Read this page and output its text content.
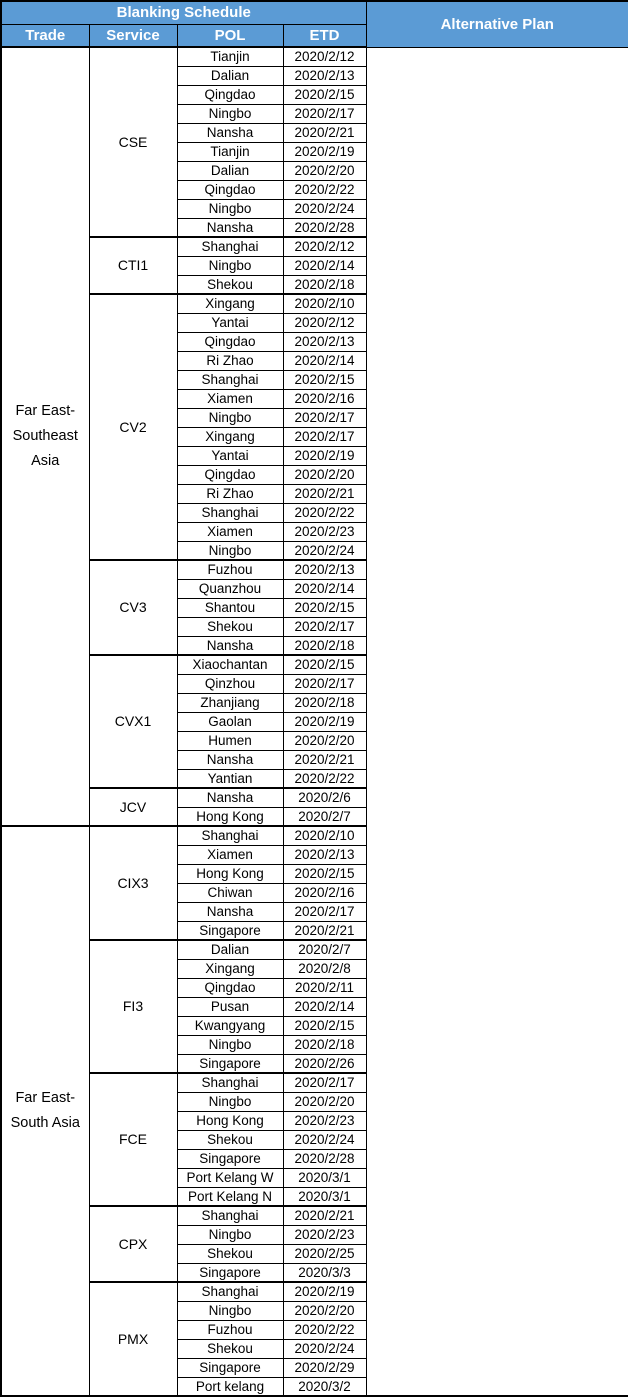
Blanking Schedule				Alternative Plan
Trade	Service	POL	ETD	
Far East-Southeast Asia	CSE	Tianjin	2020/2/12	
		Dalian	2020/2/13	
		Qingdao	2020/2/15	
		Ningbo	2020/2/17	
		Nansha	2020/2/21	
		Tianjin	2020/2/19	
		Dalian	2020/2/20	
		Qingdao	2020/2/22	
		Ningbo	2020/2/24	
		Nansha	2020/2/28	
	CTI1	Shanghai	2020/2/12	
		Ningbo	2020/2/14	
		Shekou	2020/2/18	
	CV2	Xingang	2020/2/10	
		Yantai	2020/2/12	
		Qingdao	2020/2/13	
		Ri Zhao	2020/2/14	
		Shanghai	2020/2/15	
		Xiamen	2020/2/16	
		Ningbo	2020/2/17	
		Xingang	2020/2/17	
		Yantai	2020/2/19	
		Qingdao	2020/2/20	
		Ri Zhao	2020/2/21	
		Shanghai	2020/2/22	
		Xiamen	2020/2/23	
		Ningbo	2020/2/24	
	CV3	Fuzhou	2020/2/13	
		Quanzhou	2020/2/14	
		Shantou	2020/2/15	
		Shekou	2020/2/17	
		Nansha	2020/2/18	
	CVX1	Xiaochantan	2020/2/15	
		Qinzhou	2020/2/17	
		Zhanjiang	2020/2/18	
		Gaolan	2020/2/19	
		Humen	2020/2/20	
		Nansha	2020/2/21	
		Yantian	2020/2/22	
	JCV	Nansha	2020/2/6	
		Hong Kong	2020/2/7	
Far East-South Asia	CIX3	Shanghai	2020/2/10	
		Xiamen	2020/2/13	
		Hong Kong	2020/2/15	
		Chiwan	2020/2/16	
		Nansha	2020/2/17	
		Singapore	2020/2/21	
	FI3	Dalian	2020/2/7	
		Xingang	2020/2/8	
		Qingdao	2020/2/11	
		Pusan	2020/2/14	
		Kwangyang	2020/2/15	
		Ningbo	2020/2/18	
		Singapore	2020/2/26	
	FCE	Shanghai	2020/2/17	
		Ningbo	2020/2/20	
		Hong Kong	2020/2/23	
		Shekou	2020/2/24	
		Singapore	2020/2/28	
		Port Kelang W	2020/3/1	
		Port Kelang N	2020/3/1	
	CPX	Shanghai	2020/2/21	
		Ningbo	2020/2/23	
		Shekou	2020/2/25	
		Singapore	2020/3/3	
	PMX	Shanghai	2020/2/19	
		Ningbo	2020/2/20	
		Fuzhou	2020/2/22	
		Shekou	2020/2/24	
		Singapore	2020/2/29	
		Port kelang	2020/3/2	
